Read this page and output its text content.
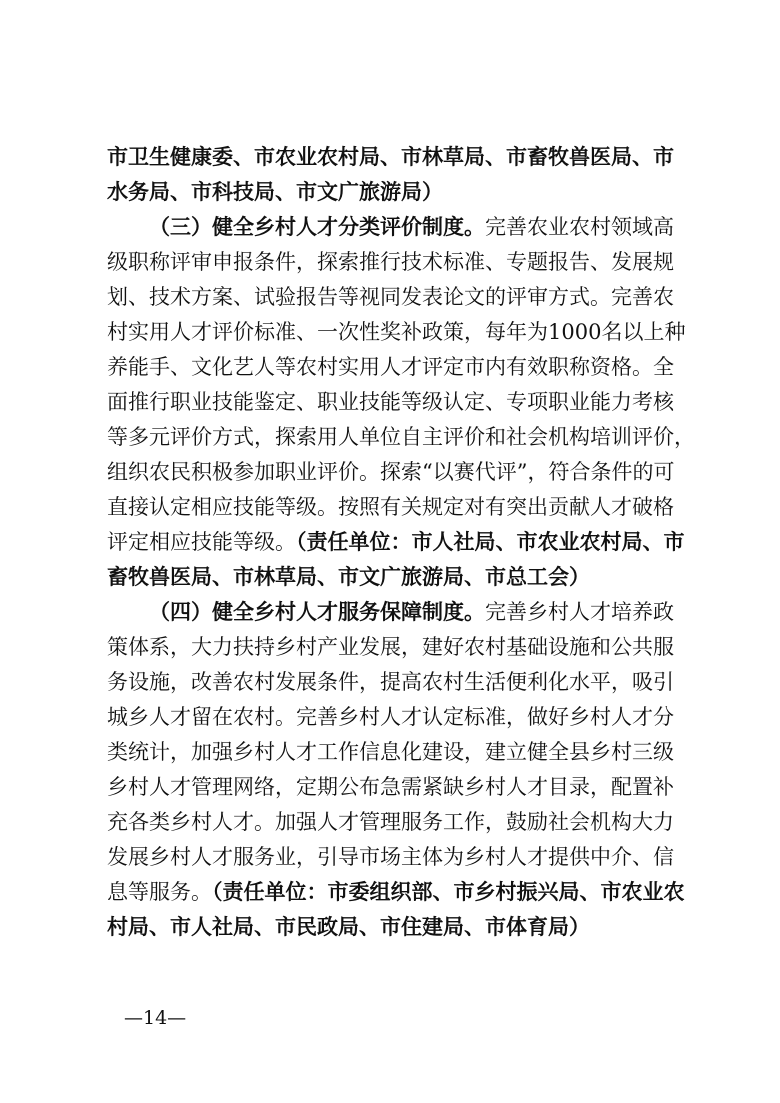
市卫生健康委、市农业农村局、市林草局、市畜牧兽医局、市
水务局、市科技局、市文广旅游局）
（三）健全乡村人才分类评价制度。完善农业农村领域高
级职称评审申报条件，探索推行技术标准、专题报告、发展规
划、技术方案、试验报告等视同发表论文的评审方式。完善农
村实用人才评价标准、一次性奖补政策，每年为1000名以上种
养能手、文化艺人等农村实用人才评定市内有效职称资格。全
面推行职业技能鉴定、职业技能等级认定、专项职业能力考核
等多元评价方式，探索用人单位自主评价和社会机构培训评价，
组织农民积极参加职业评价。探索“以赛代评”，符合条件的可
直接认定相应技能等级。按照有关规定对有突出贡献人才破格
评定相应技能等级。（责任单位：市人社局、市农业农村局、市
畜牧兽医局、市林草局、市文广旅游局、市总工会）
（四）健全乡村人才服务保障制度。完善乡村人才培养政
策体系，大力扶持乡村产业发展，建好农村基础设施和公共服
务设施，改善农村发展条件，提高农村生活便利化水平，吸引
城乡人才留在农村。完善乡村人才认定标准，做好乡村人才分
类统计，加强乡村人才工作信息化建设，建立健全县乡村三级
乡村人才管理网络，定期公布急需紧缺乡村人才目录，配置补
充各类乡村人才。加强人才管理服务工作，鼓励社会机构大力
发展乡村人才服务业，引导市场主体为乡村人才提供中介、信
息等服务。（责任单位：市委组织部、市乡村振兴局、市农业农
村局、市人社局、市民政局、市住建局、市体育局）
—14—
